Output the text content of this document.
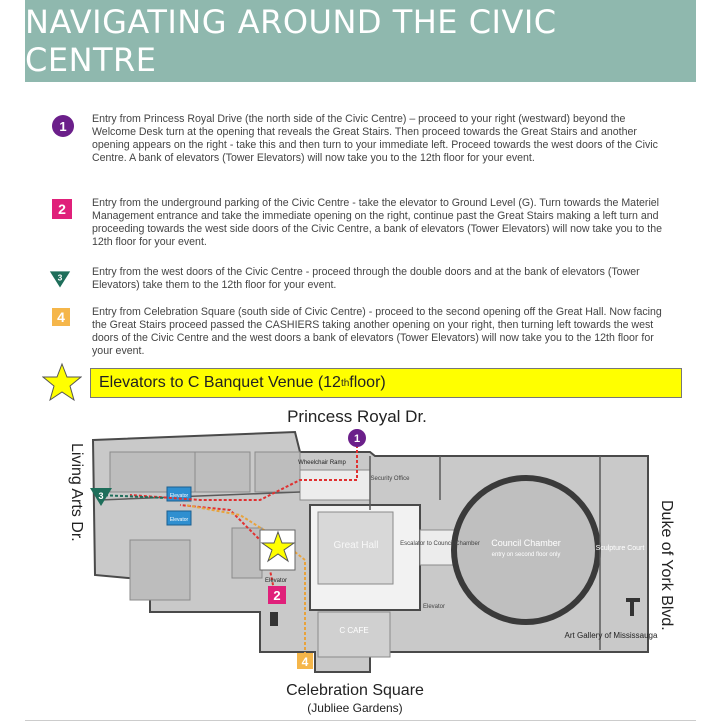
NAVIGATING AROUND THE CIVIC CENTRE
1	Entry from Princess Royal Drive (the north side of the Civic Centre) – proceed to your right (westward) beyond the Welcome Desk turn at the opening that reveals the Great Stairs. Then proceed towards the Great Stairs and another opening appears on the right - take this and then turn to your immediate left. Proceed towards the west doors of the Civic Centre. A bank of elevators (Tower Elevators) will now take you to the 12th floor for your event.

2	Entry from the underground parking of the Civic Centre - take the elevator to Ground Level (G). Turn towards the Materiel Management entrance and take the immediate opening on the right, continue past the Great Stairs making a left turn and proceeding towards the west side doors of the Civic Centre, a bank of elevators (Tower Elevators) will now take you to the 12th floor for your event.

3	Entry from the west doors of the Civic Centre - proceed through the double doors and at the bank of elevators (Tower Elevators) take them to the 12th floor for your event.

4	Entry from Celebration Square (south side of Civic Centre) - proceed to the second opening off the Great Hall. Now facing the Great Stairs proceed passed the CASHIERS taking another opening on your right, then turning left towards the west doors of the Civic Centre and the west doors a bank of elevators (Tower Elevators) will now take you to the 12th floor for your event.

Elevators to C Banquet Venue (12 th floor)
1
2
3
4
Great Hall	Council Chamber
entry on second floor only
Sculpture Court
C CAFE
Art Gallery of Mississauga
Security Office
Wheelchair Ramp
Escalator to Council Chamber
Elevator
Elevator
Elevator
Elevator
Princess Royal Dr.
Celebration Square
(Jubliee Gardens)
Living Arts Dr.
Duke of York Blvd.
